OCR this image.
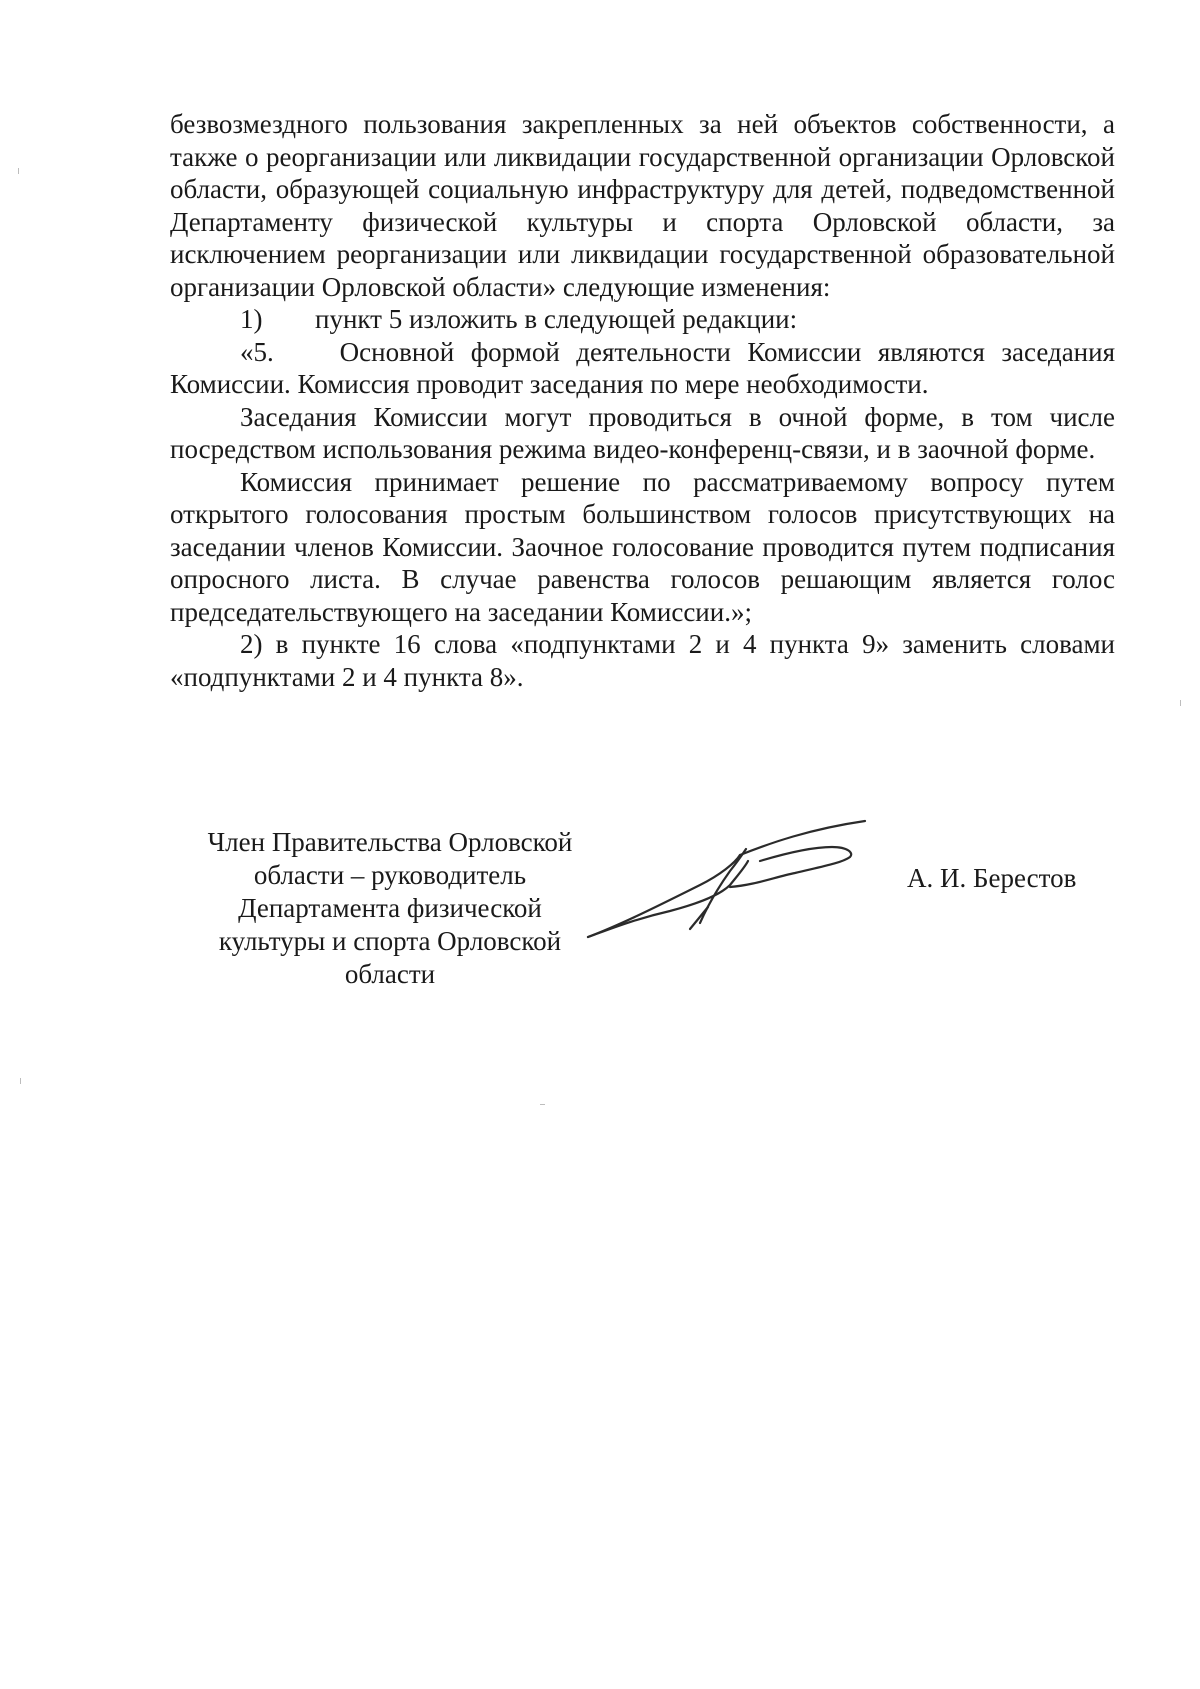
безвозмездного пользования закрепленных за ней объектов собственности, а также о реорганизации или ликвидации государственной организации Орловской области, образующей социальную инфраструктуру для детей, подведомственной Департаменту физической культуры и спорта Орловской области, за исключением реорганизации или ликвидации государственной образовательной организации Орловской области» следующие изменения:

1)	пункт 5 изложить в следующей редакции:

«5. Основной формой деятельности Комиссии являются заседания Комиссии. Комиссия проводит заседания по мере необходимости.

Заседания Комиссии могут проводиться в очной форме, в том числе посредством использования режима видео-конференц-связи, и в заочной форме.

Комиссия принимает решение по рассматриваемому вопросу путем открытого голосования простым большинством голосов присутствующих на заседании членов Комиссии. Заочное голосование проводится путем подписания опросного листа. В случае равенства голосов решающим является голос председательствующего на заседании Комиссии.»;

2) в пункте 16 слова «подпунктами 2 и 4 пункта 9» заменить словами «подпунктами 2 и 4 пункта 8».

Член Правительства Орловской
области – руководитель
Департамента физической
культуры и спорта Орловской
области
А. И. Берестов
